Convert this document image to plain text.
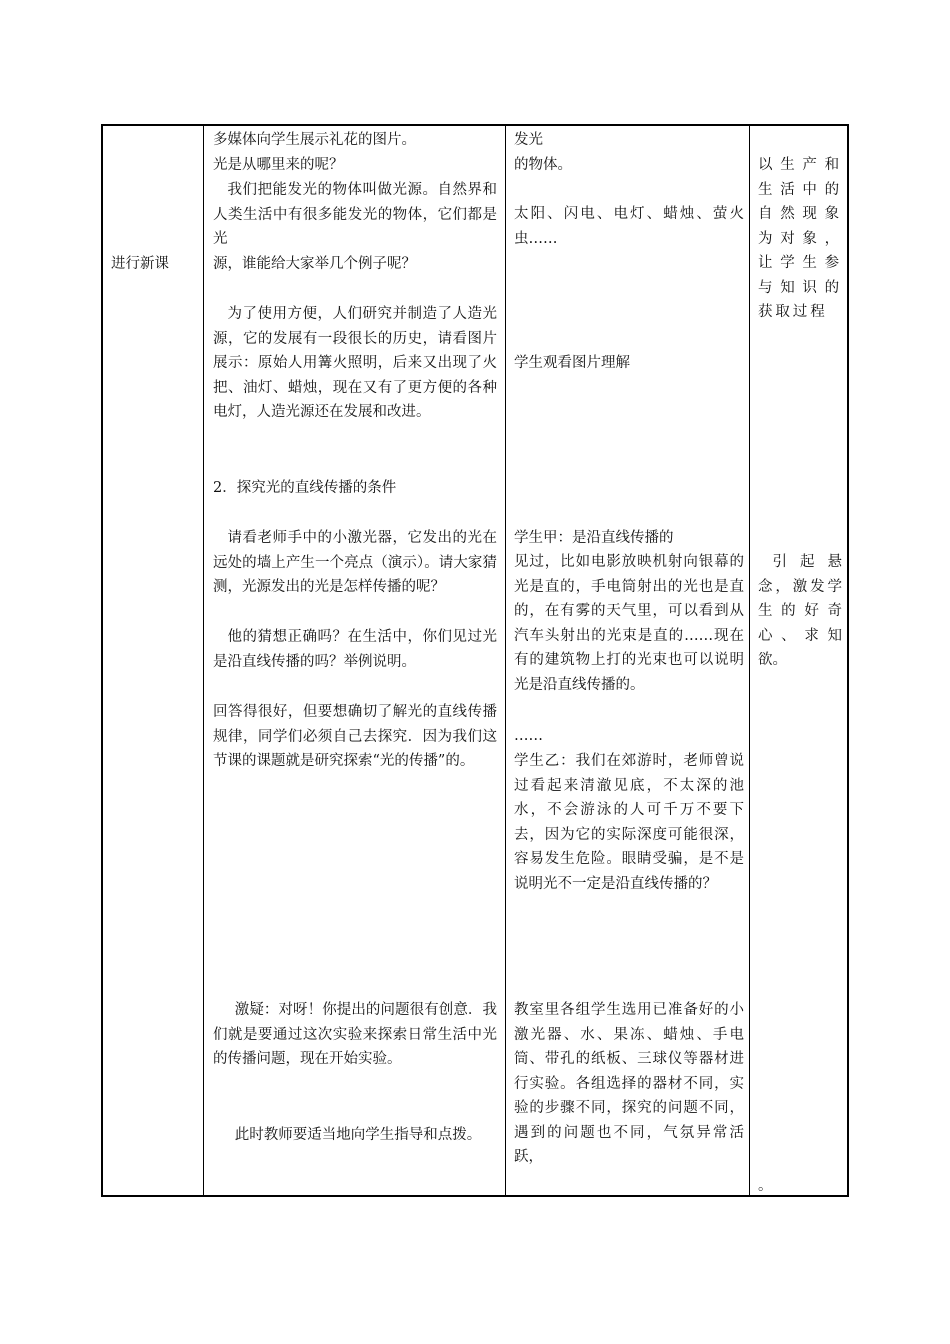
进行新课

多媒体向学生展示礼花的图片。

光是从哪里来的呢？

我们把能发光的物体叫做光源。自然界和人类生活中有很多能发光的物体，它们都是光

源，谁能给大家举几个例子呢？

为了使用方便，人们研究并制造了人造光源，它的发展有一段很长的历史，请看图片展示：原始人用篝火照明，后来又出现了火把、油灯、蜡烛，现在又有了更方便的各种电灯，人造光源还在发展和改进。

2．探究光的直线传播的条件

请看老师手中的小激光器，它发出的光在远处的墙上产生一个亮点（演示）。请大家猜测，光源发出的光是怎样传播的呢？

他的猜想正确吗？在生活中，你们见过光是沿直线传播的吗？举例说明。

回答得很好，但要想确切了解光的直线传播规律，同学们必须自己去探究．因为我们这节课的课题就是研究探索“光的传播”的。

激疑：对呀！你提出的问题很有创意．我们就是要通过这次实验来探索日常生活中光的传播问题，现在开始实验。

此时教师要适当地向学生指导和点拨。

发光

的物体。

太阳、闪电、电灯、蜡烛、萤火虫……

学生观看图片理解

学生甲：是沿直线传播的

见过，比如电影放映机射向银幕的光是直的，手电筒射出的光也是直的，在有雾的天气里，可以看到从汽车头射出的光束是直的……现在有的建筑物上打的光束也可以说明光是沿直线传播的。

……

学生乙：我们在郊游时，老师曾说过看起来清澈见底，不太深的池水，不会游泳的人可千万不要下去，因为它的实际深度可能很深，容易发生危险。眼睛受骗，是不是说明光不一定是沿直线传播的？

教室里各组学生选用已准备好的小激光器、水、果冻、蜡烛、手电筒、带孔的纸板、三球仪等器材进行实验。各组选择的器材不同，实验的步骤不同，探究的问题不同，遇到的问题也不同，气氛异常活跃，

以生产和生活中的自然现象为对象，让学生参与知识的获取过程

引起悬念，激发学生的好奇心、求知欲。

。
